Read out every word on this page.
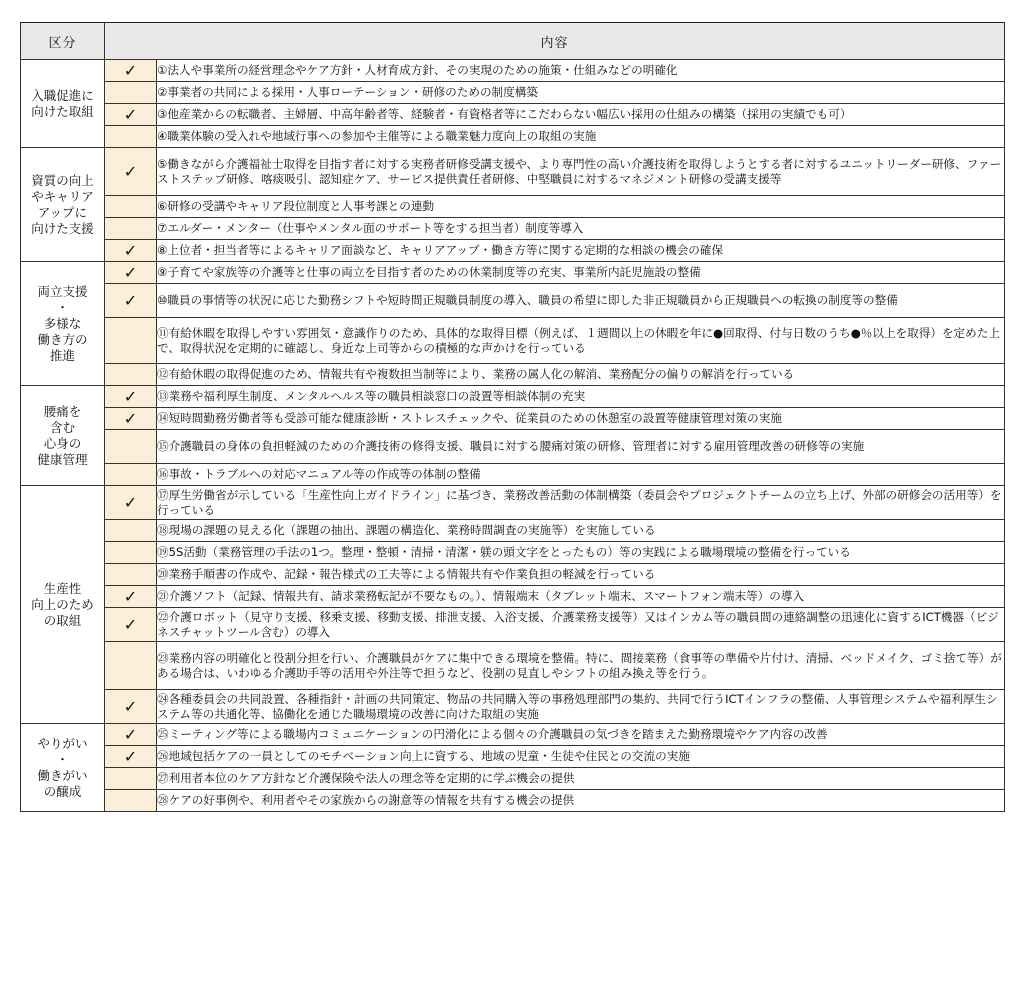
区分	内容	
入職促進に
向けた取組	✓	①法人や事業所の経営理念やケア方針・人材育成方針、その実現のための施策・仕組みなどの明確化

		②事業者の共同による採用・人事ローテーション・研修のための制度構築

	✓	③他産業からの転職者、主婦層、中高年齢者等、経験者・有資格者等にこだわらない幅広い採用の仕組みの構築（採用の実績でも可）

		④職業体験の受入れや地域行事への参加や主催等による職業魅力度向上の取組の実施

資質の向上
やキャリア
アップに
向けた支援	✓	⑤働きながら介護福祉士取得を目指す者に対する実務者研修受講支援や、より専門性の高い介護技術を取得しようとする者に対するユニットリーダー研修、ファーストステップ研修、喀痰吸引、認知症ケア、サービス提供責任者研修、中堅職員に対するマネジメント研修の受講支援等

		⑥研修の受講やキャリア段位制度と人事考課との連動

		⑦エルダー・メンター（仕事やメンタル面のサポート等をする担当者）制度等導入

	✓	⑧上位者・担当者等によるキャリア面談など、キャリアアップ・働き方等に関する定期的な相談の機会の確保

両立支援
・
多様な
働き方の
推進	✓	⑨子育てや家族等の介護等と仕事の両立を目指す者のための休業制度等の充実、事業所内託児施設の整備

	✓	⑩職員の事情等の状況に応じた勤務シフトや短時間正規職員制度の導入、職員の希望に即した非正規職員から正規職員への転換の制度等の整備

		⑪有給休暇を取得しやすい雰囲気・意識作りのため、具体的な取得目標（例えば、１週間以上の休暇を年に●回取得、付与日数のうち●％以上を取得）を定めた上で、取得状況を定期的に確認し、身近な上司等からの積極的な声かけを行っている

		⑫有給休暇の取得促進のため、情報共有や複数担当制等により、業務の属人化の解消、業務配分の偏りの解消を行っている

腰痛を
含む
心身の
健康管理	✓	⑬業務や福利厚生制度、メンタルヘルス等の職員相談窓口の設置等相談体制の充実

	✓	⑭短時間勤務労働者等も受診可能な健康診断・ストレスチェックや、従業員のための休憩室の設置等健康管理対策の実施

		⑮介護職員の身体の負担軽減のための介護技術の修得支援、職員に対する腰痛対策の研修、管理者に対する雇用管理改善の研修等の実施

		⑯事故・トラブルへの対応マニュアル等の作成等の体制の整備

生産性
向上のため
の取組	✓	⑰厚生労働省が示している「生産性向上ガイドライン」に基づき、業務改善活動の体制構築（委員会やプロジェクトチームの立ち上げ、外部の研修会の活用等）を行っている

		⑱現場の課題の見える化（課題の抽出、課題の構造化、業務時間調査の実施等）を実施している

		⑲5S活動（業務管理の手法の1つ。整理・整頓・清掃・清潔・躾の頭文字をとったもの）等の実践による職場環境の整備を行っている

		⑳業務手順書の作成や、記録・報告様式の工夫等による情報共有や作業負担の軽減を行っている

	✓	㉑介護ソフト（記録、情報共有、請求業務転記が不要なもの。）、情報端末（タブレット端末、スマートフォン端末等）の導入

	✓	㉒介護ロボット（見守り支援、移乗支援、移動支援、排泄支援、入浴支援、介護業務支援等）又はインカム等の職員間の連絡調整の迅速化に資するICT機器（ビジネスチャットツール含む）の導入

		㉓業務内容の明確化と役割分担を行い、介護職員がケアに集中できる環境を整備。特に、間接業務（食事等の準備や片付け、清掃、ベッドメイク、ゴミ捨て等）がある場合は、いわゆる介護助手等の活用や外注等で担うなど、役割の見直しやシフトの組み換え等を行う。

	✓	㉔各種委員会の共同設置、各種指針・計画の共同策定、物品の共同購入等の事務処理部門の集約、共同で行うICTインフラの整備、人事管理システムや福利厚生システム等の共通化等、協働化を通じた職場環境の改善に向けた取組の実施

やりがい
・
働きがい
の醸成	✓	㉕ミーティング等による職場内コミュニケーションの円滑化による個々の介護職員の気づきを踏まえた勤務環境やケア内容の改善

	✓	㉖地域包括ケアの一員としてのモチベーション向上に資する、地域の児童・生徒や住民との交流の実施

		㉗利用者本位のケア方針など介護保険や法人の理念等を定期的に学ぶ機会の提供

		㉘ケアの好事例や、利用者やその家族からの謝意等の情報を共有する機会の提供
